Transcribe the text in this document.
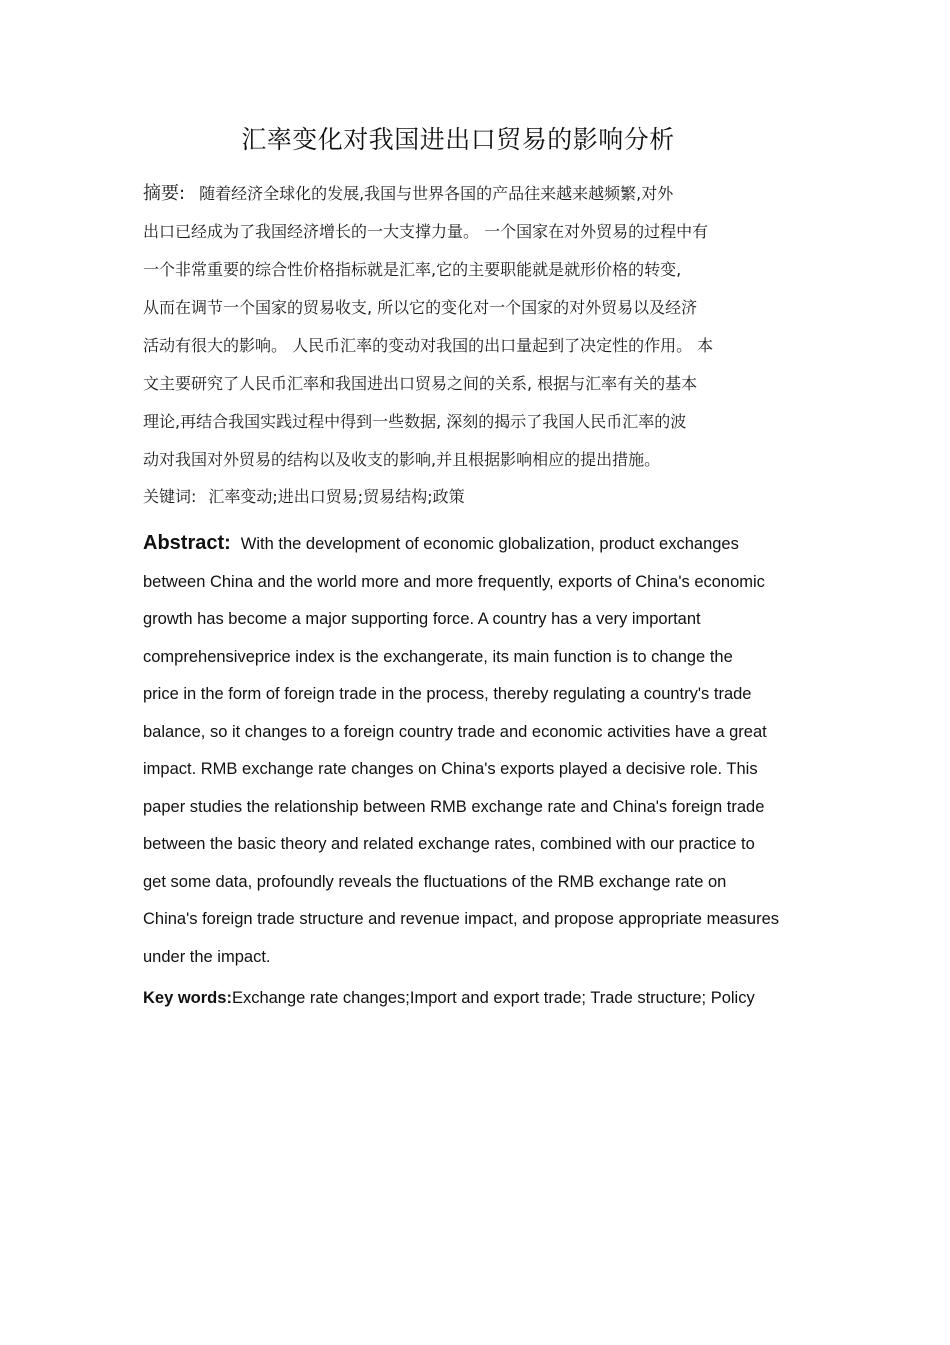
汇率变化对我国进出口贸易的影响分析
摘要: 随着经济全球化的发展,我国与世界各国的产品往来越来越频繁,对外
出口已经成为了我国经济增长的一大支撑力量。 一个国家在对外贸易的过程中有
一个非常重要的综合性价格指标就是汇率,它的主要职能就是就形价格的转变,
从而在调节一个国家的贸易收支, 所以它的变化对一个国家的对外贸易以及经济
活动有很大的影响。 人民币汇率的变动对我国的出口量起到了决定性的作用。 本
文主要研究了人民币汇率和我国进出口贸易之间的关系, 根据与汇率有关的基本
理论,再结合我国实践过程中得到一些数据, 深刻的揭示了我国人民币汇率的波
动对我国对外贸易的结构以及收支的影响,并且根据影响相应的提出措施。
关键词: 汇率变动;进出口贸易;贸易结构;政策
Abstract: With the development of economic globalization, product exchanges
between China and the world more and more frequently, exports of China's economic
growth has become a major supporting force. A country has a very important
comprehensiveprice index is the exchangerate, its main function is to change the
price in the form of foreign trade in the process, thereby regulating a country's trade
balance, so it changes to a foreign country trade and economic activities have a great
impact. RMB exchange rate changes on China's exports played a decisive role. This
paper studies the relationship between RMB exchange rate and China's foreign trade
between the basic theory and related exchange rates, combined with our practice to
get some data, profoundly reveals the fluctuations of the RMB exchange rate on
China's foreign trade structure and revenue impact, and propose appropriate measures
under the impact.
Key words:Exchange rate changes;Import and export trade; Trade structure; Policy
